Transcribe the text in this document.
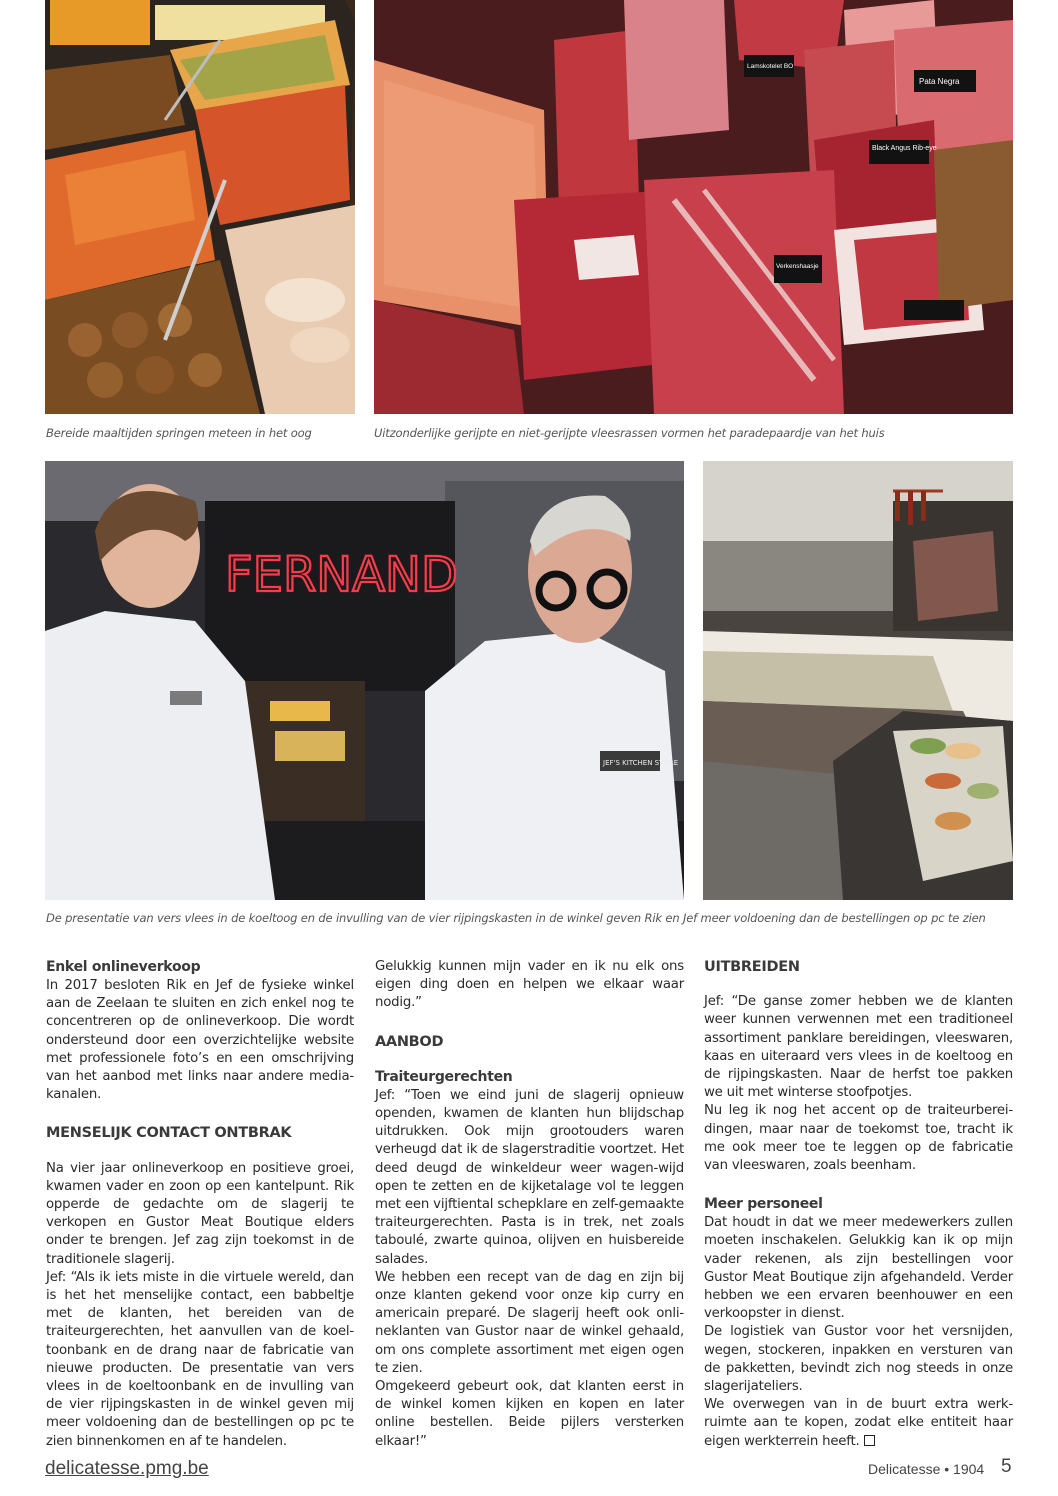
Pata Negra
Black Angus Rib-eye
Lamskotelet BO
Verkenshaasje
Bereide maaltijden springen meteen in het oog	Uitzonderlijke gerijpte en niet-gerijpte vleesrassen vormen het paradepaardje van het huis
FERNAND
JEF'S KITCHEN STORE
De presentatie van vers vlees in de koeltoog en de invulling van de vier rijpingskasten in de winkel geven Rik en Jef meer voldoening dan de bestellingen op pc te zien
Enkel onlineverkoop

In 2017 besloten Rik en Jef de fysieke winkel aan de Zeelaan te sluiten en zich enkel nog te concentreren op de onlineverkoop. Die wordt ondersteund door een overzichtelijke website met professionele foto’s en een omschrijving van het aanbod met links naar andere media-kanalen.

MENSELIJK CONTACT ONTBRAK

Na vier jaar onlineverkoop en positieve groei, kwamen vader en zoon op een kantelpunt. Rik opperde de gedachte om de slagerij te verkopen en Gustor Meat Boutique elders onder te brengen. Jef zag zijn toekomst in de traditionele slagerij.

Jef: “Als ik iets miste in die virtuele wereld, dan is het het menselijke contact, een babbeltje met de klanten, het bereiden van de traiteurgerechten, het aanvullen van de koel-toonbank en de drang naar de fabricatie van nieuwe producten. De presentatie van vers vlees in de koeltoonbank en de invulling van de vier rijpingskasten in de winkel geven mij meer voldoening dan de bestellingen op pc te zien binnenkomen en af te handelen.

Gelukkig kunnen mijn vader en ik nu elk ons eigen ding doen en helpen we elkaar waar nodig.”

AANBOD
Traiteurgerechten

Jef: “Toen we eind juni de slagerij opnieuw openden, kwamen de klanten hun blijdschap uitdrukken. Ook mijn grootouders waren verheugd dat ik de slagerstraditie voortzet. Het deed deugd de winkeldeur weer wagen-wijd open te zetten en de kijketalage vol te leggen met een vijftiental schepklare en zelf-gemaakte traiteurgerechten. Pasta is in trek, net zoals taboulé, zwarte quinoa, olijven en huisbereide salades.

We hebben een recept van de dag en zijn bij onze klanten gekend voor onze kip curry en americain preparé. De slagerij heeft ook onli-neklanten van Gustor naar de winkel gehaald, om ons complete assortiment met eigen ogen te zien.

Omgekeerd gebeurt ook, dat klanten eerst in de winkel komen kijken en kopen en later online bestellen. Beide pijlers versterken elkaar!”

UITBREIDEN

Jef: “De ganse zomer hebben we de klanten weer kunnen verwennen met een traditioneel assortiment panklare bereidingen, vleeswaren, kaas en uiteraard vers vlees in de koeltoog en de rijpingskasten. Naar de herfst toe pakken we uit met winterse stoofpotjes.

Nu leg ik nog het accent op de traiteurberei-dingen, maar naar de toekomst toe, tracht ik me ook meer toe te leggen op de fabricatie van vleeswaren, zoals beenham.

Meer personeel

Dat houdt in dat we meer medewerkers zullen moeten inschakelen. Gelukkig kan ik op mijn vader rekenen, als zijn bestellingen voor Gustor Meat Boutique zijn afgehandeld. Verder hebben we een ervaren beenhouwer en een verkoopster in dienst.

De logistiek van Gustor voor het versnijden, wegen, stockeren, inpakken en versturen van de pakketten, bevindt zich nog steeds in onze slagerijateliers.

We overwegen van in de buurt extra werk-ruimte aan te kopen, zodat elke entiteit haar eigen werkterrein heeft.

delicatesse.pmg.be	Delicatesse • 1904 5
